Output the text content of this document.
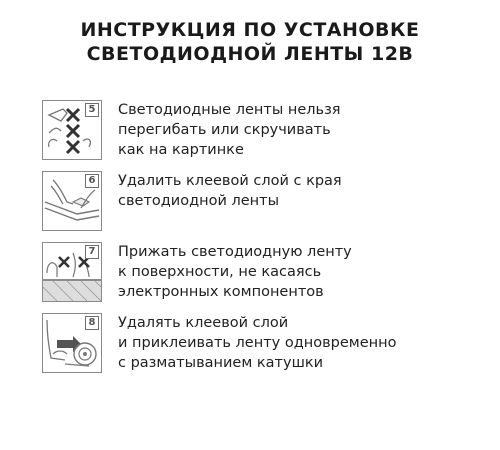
ИНСТРУКЦИЯ ПО УСТАНОВКЕ
СВЕТОДИОДНОЙ ЛЕНТЫ 12В
5 Светодиодные ленты нельзя
перегибать или скручивать
как на картинке
6 Удалить клеевой слой с края
светодиодной ленты
7 Прижать светодиодную ленту
к поверхности, не касаясь
электронных компонентов
8 Удалять клеевой слой
и приклеивать ленту одновременно
с разматыванием катушки
